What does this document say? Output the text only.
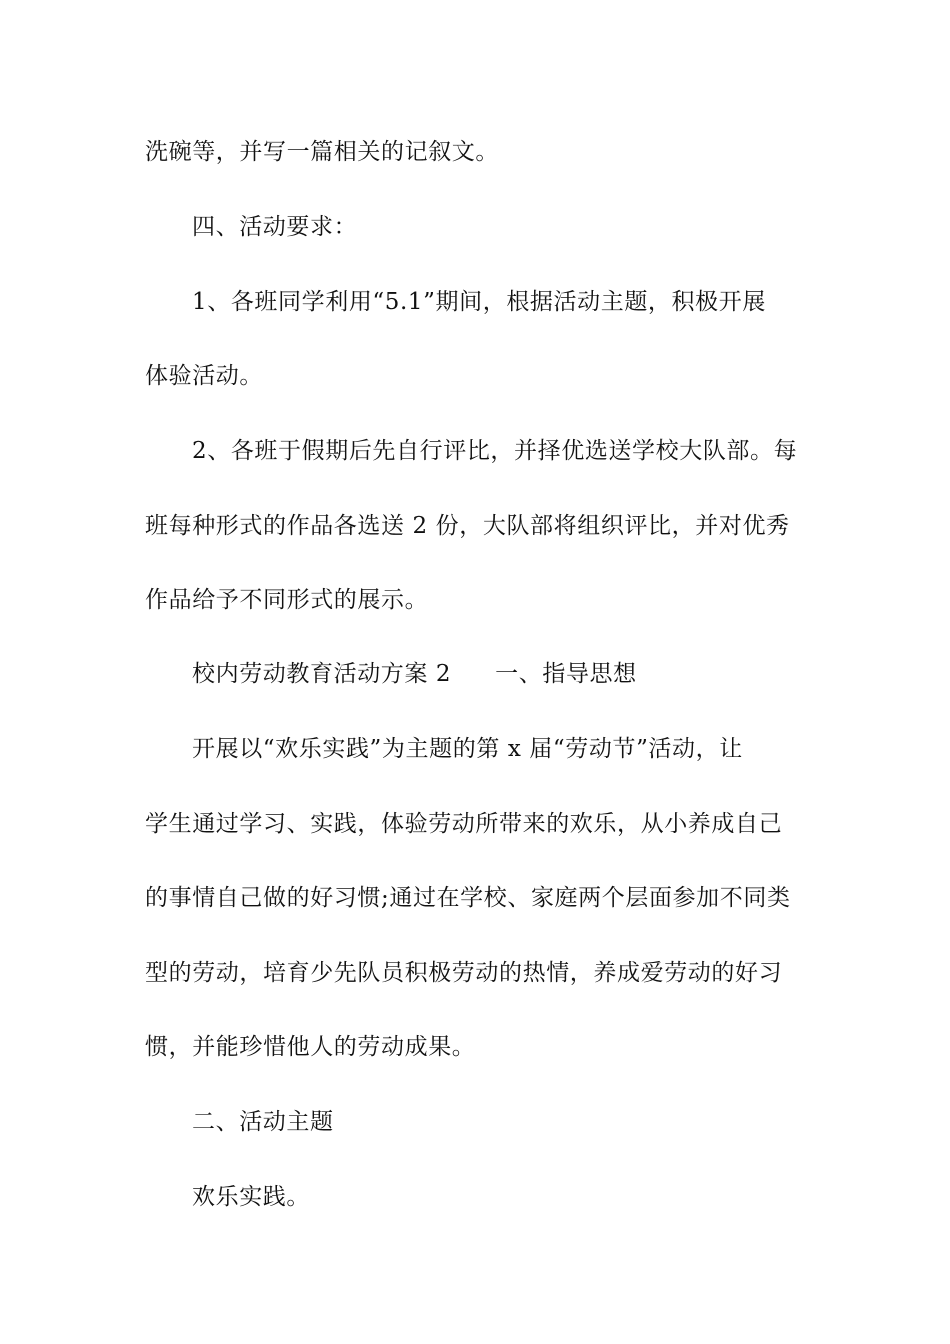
洗碗等，并写一篇相关的记叙文。
四、活动要求：
1、各班同学利用“5.1”期间，根据活动主题，积极开展
体验活动。
2、各班于假期后先自行评比，并择优选送学校大队部。每
班每种形式的作品各选送 2 份，大队部将组织评比，并对优秀
作品给予不同形式的展示。
校内劳动教育活动方案 2 一、指导思想
开展以“欢乐实践”为主题的第 x 届“劳动节”活动，让
学生通过学习、实践，体验劳动所带来的欢乐，从小养成自己
的事情自己做的好习惯;通过在学校、家庭两个层面参加不同类
型的劳动，培育少先队员积极劳动的热情，养成爱劳动的好习
惯，并能珍惜他人的劳动成果。
二、活动主题
欢乐实践。
